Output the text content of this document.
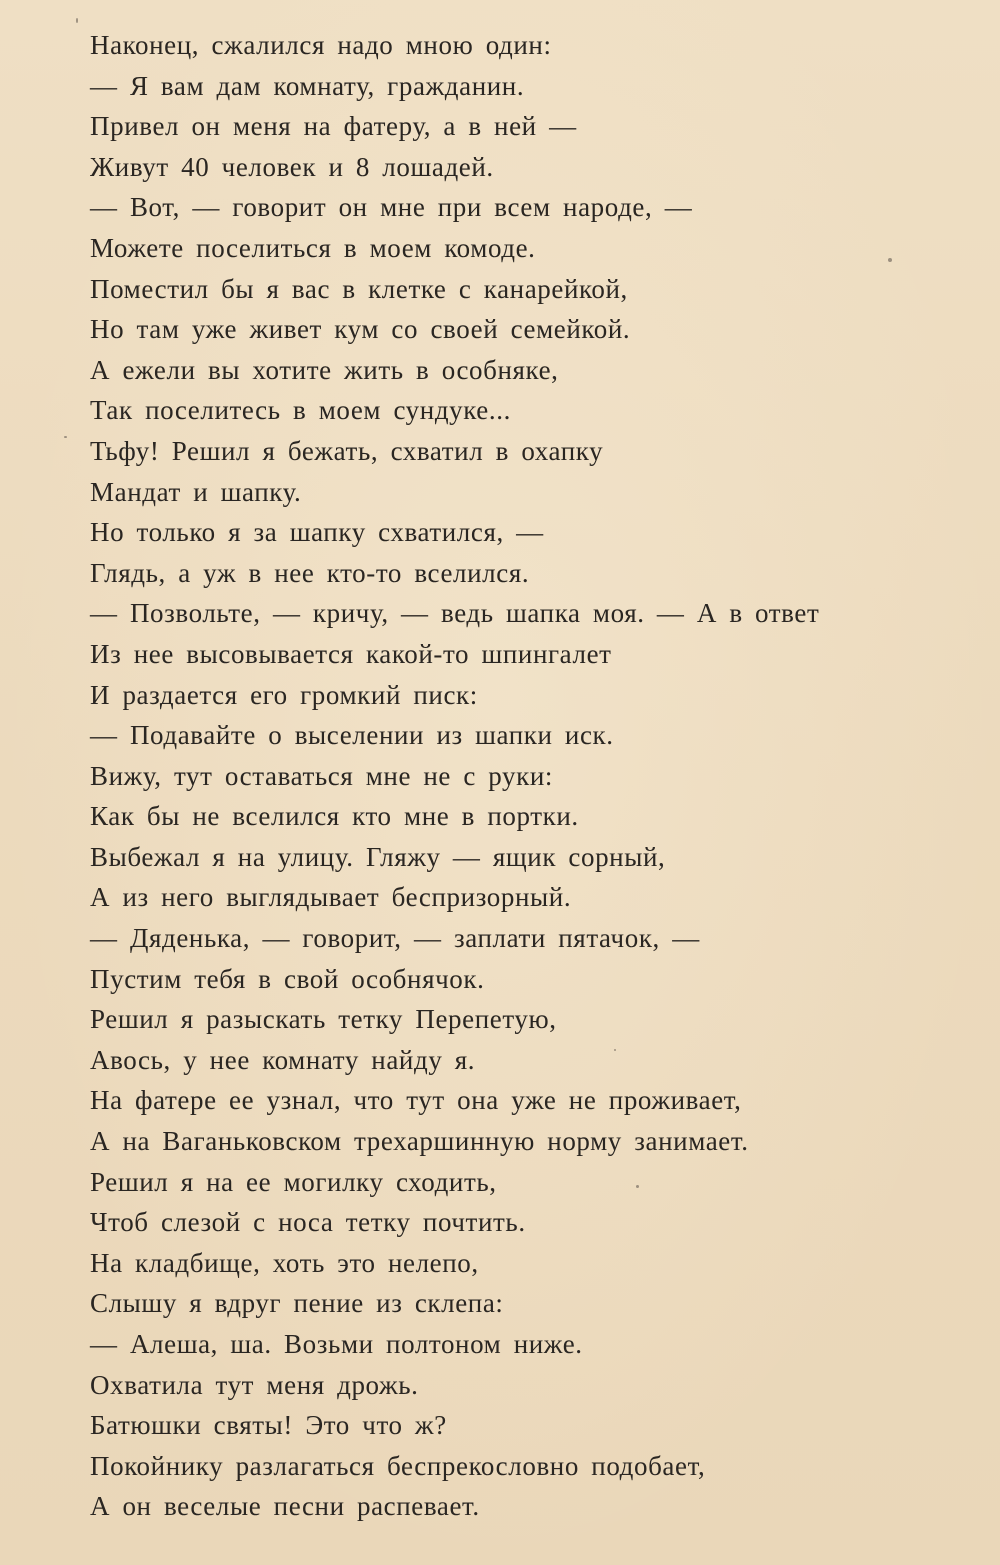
Наконец, сжалился надо мною один:
— Я вам дам комнату, гражданин.
Привел он меня на фатеру, а в ней —
Живут 40 человек и 8 лошадей.
— Вот, — говорит он мне при всем народе, —
Можете поселиться в моем комоде.
Поместил бы я вас в клетке с канарейкой,
Но там уже живет кум со своей семейкой.
А ежели вы хотите жить в особняке,
Так поселитесь в моем сундуке...
Тьфу! Решил я бежать, схватил в охапку
Мандат и шапку.
Но только я за шапку схватился, —
Глядь, а уж в нее кто-то вселился.
— Позвольте, — кричу, — ведь шапка моя. — А в ответ
Из нее высовывается какой-то шпингалет
И раздается его громкий писк:
— Подавайте о выселении из шапки иск.
Вижу, тут оставаться мне не с руки:
Как бы не вселился кто мне в портки.
Выбежал я на улицу. Гляжу — ящик сорный,
А из него выглядывает беспризорный.
— Дяденька, — говорит, — заплати пятачок, —
Пустим тебя в свой особнячок.
Решил я разыскать тетку Перепетую,
Авось, у нее комнату найду я.
На фатере ее узнал, что тут она уже не проживает,
А на Ваганьковском трехаршинную норму занимает.
Решил я на ее могилку сходить,
Чтоб слезой с носа тетку почтить.
На кладбище, хоть это нелепо,
Слышу я вдруг пение из склепа:
— Алеша, ша. Возьми полтоном ниже.
Охватила тут меня дрожь.
Батюшки святы! Это что ж?
Покойнику разлагаться беспрекословно подобает,
А он веселые песни распевает.
